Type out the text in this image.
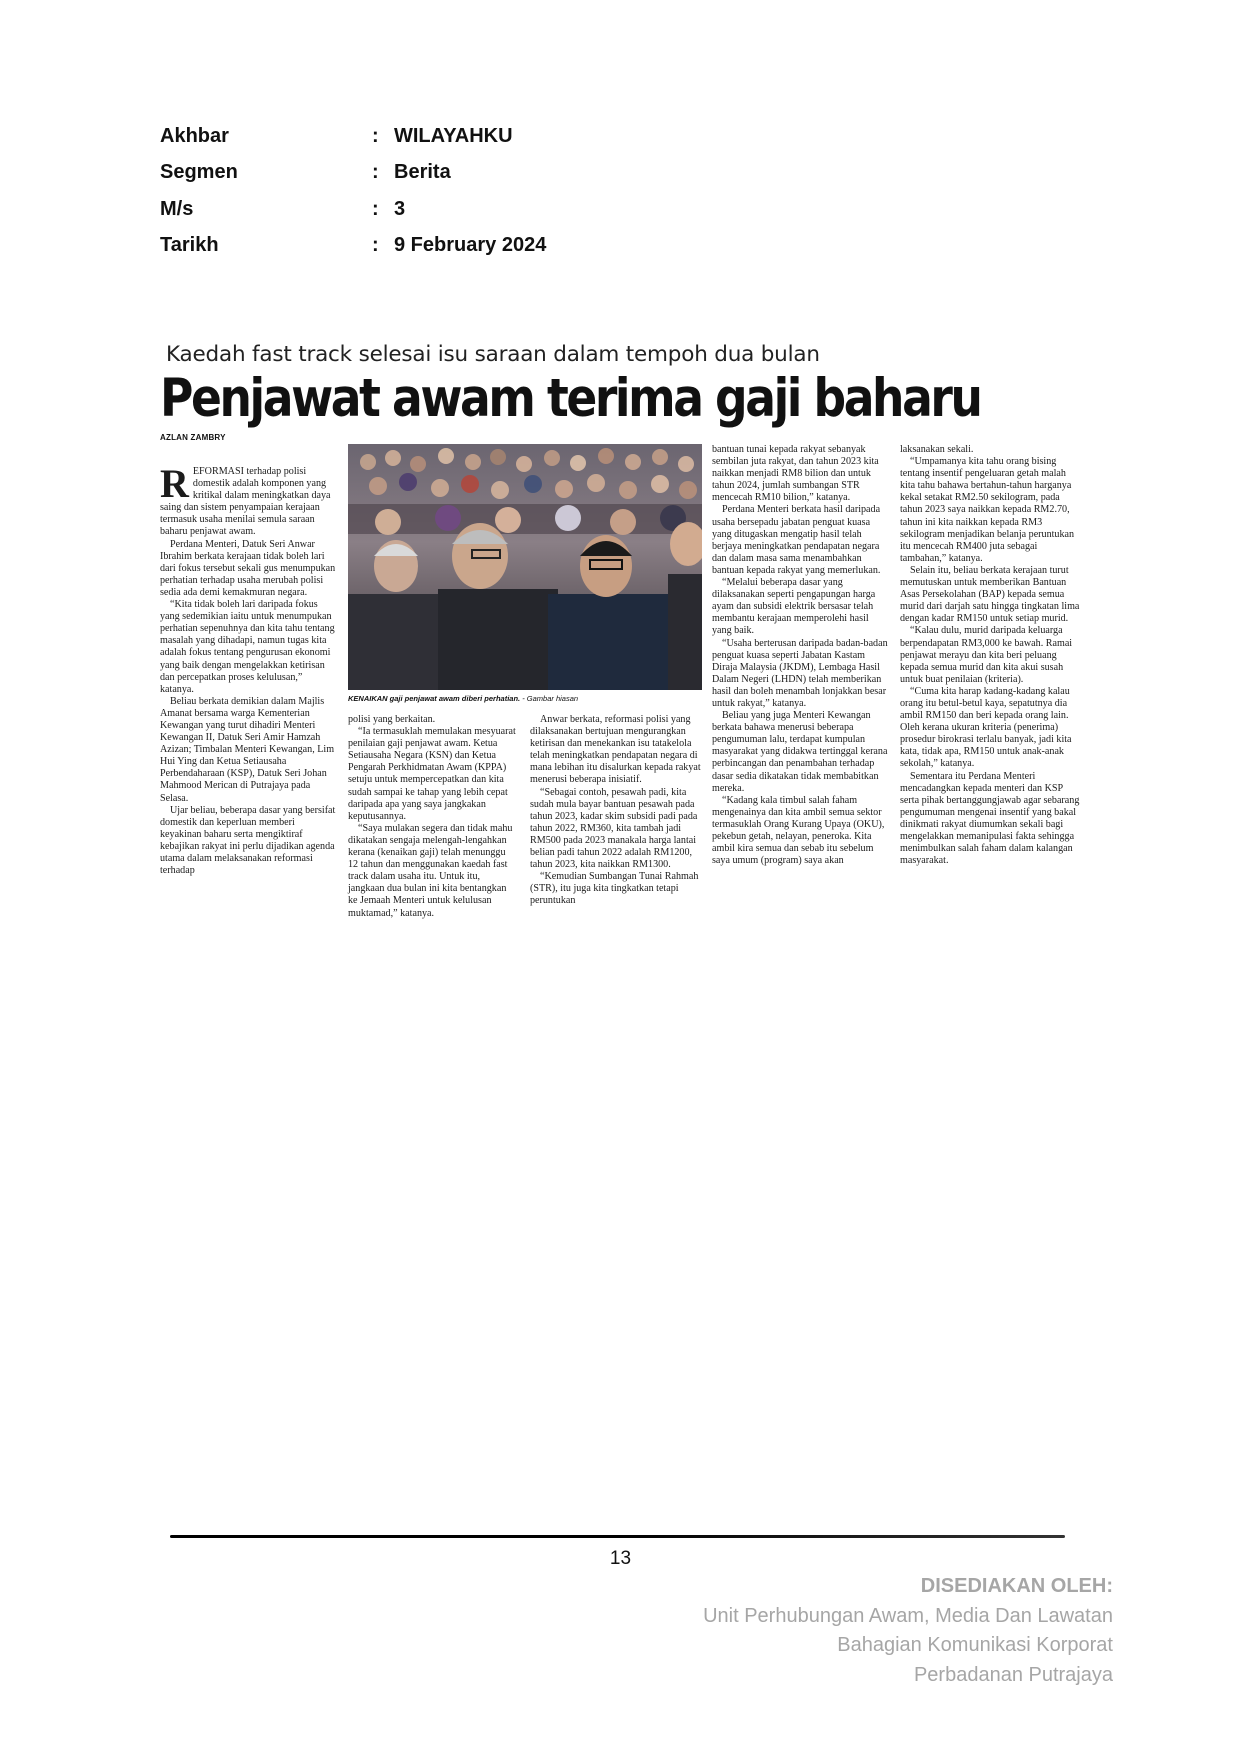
Akhbar	: WILAYAHKU
Segmen	: Berita
M/s	: 3
Tarikh	: 9 February 2024
Kaedah fast track selesai isu saraan dalam tempoh dua bulan
Penjawat awam terima gaji baharu
AZLAN ZAMBRY

REFORMASI terhadap polisi domestik adalah komponen yang kritikal dalam meningkatkan daya saing dan sistem penyampaian kerajaan termasuk usaha menilai semula saraan baharu penjawat awam.

Perdana Menteri, Datuk Seri Anwar Ibrahim berkata kerajaan tidak boleh lari dari fokus tersebut sekali gus menumpukan perhatian terhadap usaha merubah polisi sedia ada demi kemakmuran negara.

“Kita tidak boleh lari daripada fokus yang sedemikian iaitu untuk menumpukan perhatian sepenuhnya dan kita tahu tentang masalah yang dihadapi, namun tugas kita adalah fokus tentang pengurusan ekonomi yang baik dengan mengelakkan ketirisan dan percepatkan proses kelulusan,” katanya.

Beliau berkata demikian dalam Majlis Amanat bersama warga Kementerian Kewangan yang turut dihadiri Menteri Kewangan II, Datuk Seri Amir Hamzah Azizan; Timbalan Menteri Kewangan, Lim Hui Ying dan Ketua Setiausaha Perbendaharaan (KSP), Datuk Seri Johan Mahmood Merican di Putrajaya pada Selasa.

Ujar beliau, beberapa dasar yang bersifat domestik dan keperluan memberi keyakinan baharu serta mengiktiraf kebajikan rakyat ini perlu dijadikan agenda utama dalam melaksanakan reformasi terhadap

KENAIKAN gaji penjawat awam diberi perhatian. - Gambar hiasan

polisi yang berkaitan.

“Ia termasuklah memulakan mesyuarat penilaian gaji penjawat awam. Ketua Setiausaha Negara (KSN) dan Ketua Pengarah Perkhidmatan Awam (KPPA) setuju untuk mempercepatkan dan kita sudah sampai ke tahap yang lebih cepat daripada apa yang saya jangkakan keputusannya.

“Saya mulakan segera dan tidak mahu dikatakan sengaja melengah-lengahkan kerana (kenaikan gaji) telah menunggu 12 tahun dan menggunakan kaedah fast track dalam usaha itu. Untuk itu, jangkaan dua bulan ini kita bentangkan ke Jemaah Menteri untuk kelulusan muktamad,” katanya.

Anwar berkata, reformasi polisi yang dilaksanakan bertujuan mengurangkan ketirisan dan menekankan isu tatakelola telah meningkatkan pendapatan negara di mana lebihan itu disalurkan kepada rakyat menerusi beberapa inisiatif.

“Sebagai contoh, pesawah padi, kita sudah mula bayar bantuan pesawah pada tahun 2023, kadar skim subsidi padi pada tahun 2022, RM360, kita tambah jadi RM500 pada 2023 manakala harga lantai belian padi tahun 2022 adalah RM1200, tahun 2023, kita naikkan RM1300.

“Kemudian Sumbangan Tunai Rahmah (STR), itu juga kita tingkatkan tetapi peruntukan

bantuan tunai kepada rakyat sebanyak sembilan juta rakyat, dan tahun 2023 kita naikkan menjadi RM8 bilion dan untuk tahun 2024, jumlah sumbangan STR mencecah RM10 bilion,” katanya.

Perdana Menteri berkata hasil daripada usaha bersepadu jabatan penguat kuasa yang ditugaskan mengatip hasil telah berjaya meningkatkan pendapatan negara dan dalam masa sama menambahkan bantuan kepada rakyat yang memerlukan.

“Melalui beberapa dasar yang dilaksanakan seperti pengapungan harga ayam dan subsidi elektrik bersasar telah membantu kerajaan memperolehi hasil yang baik.

“Usaha berterusan daripada badan-badan penguat kuasa seperti Jabatan Kastam Diraja Malaysia (JKDM), Lembaga Hasil Dalam Negeri (LHDN) telah memberikan hasil dan boleh menambah lonjakkan besar untuk rakyat,” katanya.

Beliau yang juga Menteri Kewangan berkata bahawa menerusi beberapa pengumuman lalu, terdapat kumpulan masyarakat yang didakwa tertinggal kerana perbincangan dan penambahan terhadap dasar sedia dikatakan tidak membabitkan mereka.

“Kadang kala timbul salah faham mengenainya dan kita ambil semua sektor termasuklah Orang Kurang Upaya (OKU), pekebun getah, nelayan, peneroka. Kita ambil kira semua dan sebab itu sebelum saya umum (program) saya akan

laksanakan sekali.

“Umpamanya kita tahu orang bising tentang insentif pengeluaran getah malah kita tahu bahawa bertahun-tahun harganya kekal setakat RM2.50 sekilogram, pada tahun 2023 saya naikkan kepada RM2.70, tahun ini kita naikkan kepada RM3 sekilogram menjadikan belanja peruntukan itu mencecah RM400 juta sebagai tambahan,” katanya.

Selain itu, beliau berkata kerajaan turut memutuskan untuk memberikan Bantuan Asas Persekolahan (BAP) kepada semua murid dari darjah satu hingga tingkatan lima dengan kadar RM150 untuk setiap murid.

“Kalau dulu, murid daripada keluarga berpendapatan RM3,000 ke bawah. Ramai penjawat merayu dan kita beri peluang kepada semua murid dan kita akui susah untuk buat penilaian (kriteria).

“Cuma kita harap kadang-kadang kalau orang itu betul-betul kaya, sepatutnya dia ambil RM150 dan beri kepada orang lain. Oleh kerana ukuran kriteria (penerima) prosedur birokrasi terlalu banyak, jadi kita kata, tidak apa, RM150 untuk anak-anak sekolah,” katanya.

Sementara itu Perdana Menteri mencadangkan kepada menteri dan KSP serta pihak bertanggungjawab agar sebarang pengumuman mengenai insentif yang bakal dinikmati rakyat diumumkan sekali bagi mengelakkan memanipulasi fakta sehingga menimbulkan salah faham dalam kalangan masyarakat.

13
DISEDIAKAN OLEH:
Unit Perhubungan Awam, Media Dan Lawatan
Bahagian Komunikasi Korporat
Perbadanan Putrajaya
